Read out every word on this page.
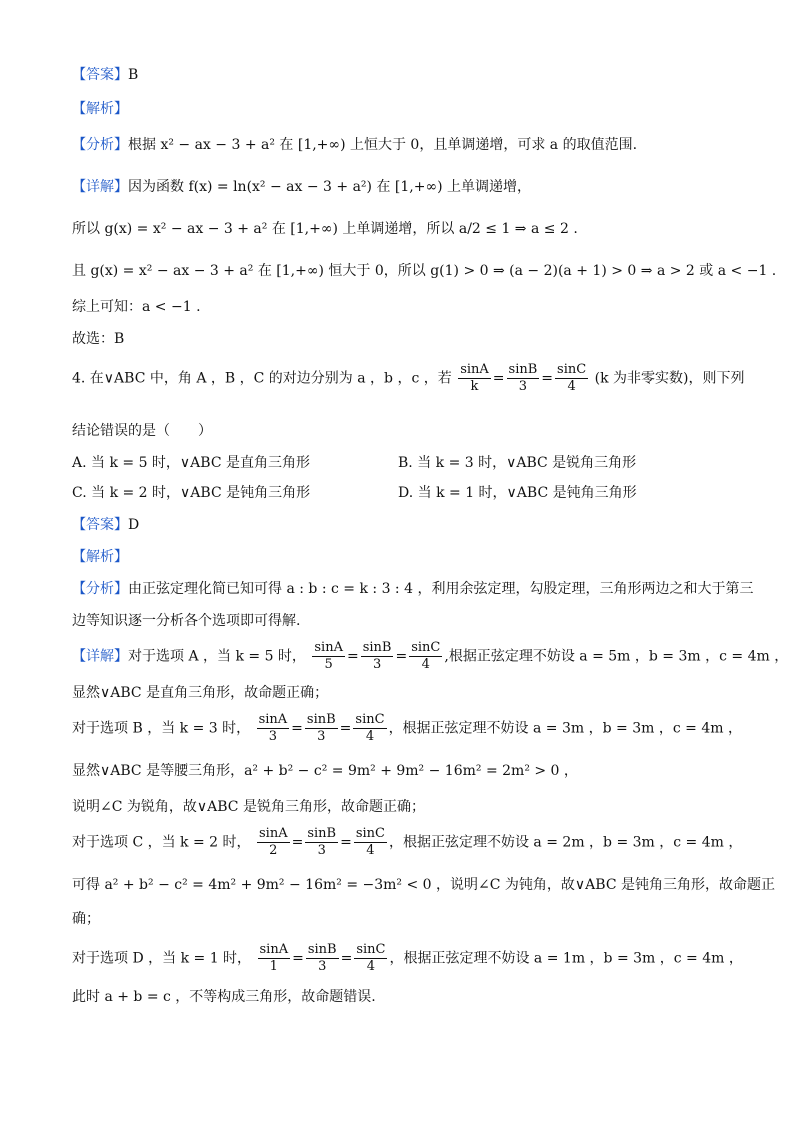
【答案】B
【解析】
【分析】根据 x² − ax − 3 + a² 在 [1,+∞) 上恒大于 0，且单调递增，可求 a 的取值范围.
【详解】因为函数 f(x) = ln(x² − ax − 3 + a²) 在 [1,+∞) 上单调递增，
所以 g(x) = x² − ax − 3 + a² 在 [1,+∞) 上单调递增，所以 a/2 ≤ 1 ⇒ a ≤ 2 .
且 g(x) = x² − ax − 3 + a² 在 [1,+∞) 恒大于 0，所以 g(1) > 0 ⇒ (a − 2)(a + 1) > 0 ⇒ a > 2 或 a < −1 .
综上可知：a < −1 .
故选：B
4. 在∨ABC 中，角 A ，B ，C 的对边分别为 a ，b ，c ，若 $\frac{\sin A}{k} = \frac{\sin B}{3} = \frac{\sin C}{4} (k$ 为非零实数)，则下列
结论错误的是（　　）
A. 当 k = 5 时，∨ABC 是直角三角形	B. 当 k = 3 时，∨ABC 是锐角三角形
C. 当 k = 2 时，∨ABC 是钝角三角形	D. 当 k = 1 时，∨ABC 是钝角三角形
【答案】D
【解析】
【分析】由正弦定理化简已知可得 a : b : c = k : 3 : 4 ，利用余弦定理，勾股定理，三角形两边之和大于第三
边等知识逐一分析各个选项即可得解.
【详解】对于选项 A ，当 k = 5 时， $\frac{\sin A}{5} = \frac{\sin B}{3} = \frac{\sin C}{4}$ ,根据正弦定理不妨设 a = 5m ，b = 3m ，c = 4m ，
显然∨ABC 是直角三角形，故命题正确；
对于选项 B ，当 k = 3 时， $\frac{\sin A}{3} = \frac{\sin B}{3} = \frac{\sin C}{4}$ ，根据正弦定理不妨设 a = 3m ，b = 3m ，c = 4m ，
显然∨ABC 是等腰三角形，a² + b² − c² = 9m² + 9m² − 16m² = 2m² > 0 ，
说明∠C 为锐角，故∨ABC 是锐角三角形，故命题正确；
对于选项 C ，当 k = 2 时， $\frac{\sin A}{2} = \frac{\sin B}{3} = \frac{\sin C}{4}$ ，根据正弦定理不妨设 a = 2m ，b = 3m ，c = 4m ，
可得 a² + b² − c² = 4m² + 9m² − 16m² = −3m² < 0 ，说明∠C 为钝角，故∨ABC 是钝角三角形，故命题正
确；
对于选项 D ，当 k = 1 时， $\frac{\sin A}{1} = \frac{\sin B}{3} = \frac{\sin C}{4}$ ，根据正弦定理不妨设 a = 1m ，b = 3m ，c = 4m ，
此时 a + b = c ，不等构成三角形，故命题错误.
